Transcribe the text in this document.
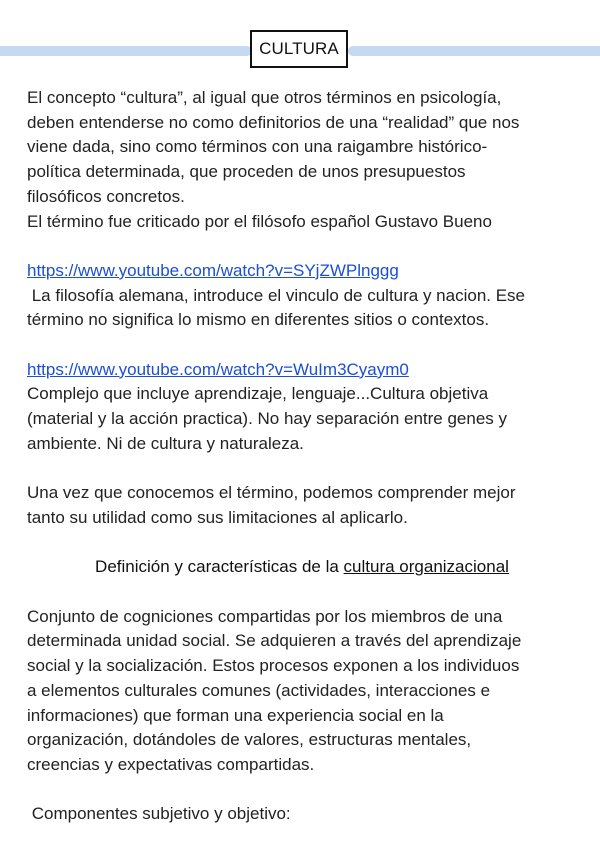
CULTURA
El concepto “cultura”, al igual que otros términos en psicología,
deben entenderse no como definitorios de una “realidad” que nos
viene dada, sino como términos con una raigambre histórico-
política determinada, que proceden de unos presupuestos
filosóficos concretos.
El término fue criticado por el filósofo español Gustavo Bueno
https://www.youtube.com/watch?v=SYjZWPlnggg
La filosofía alemana, introduce el vinculo de cultura y nacion. Ese
término no significa lo mismo en diferentes sitios o contextos.
https://www.youtube.com/watch?v=WuIm3Cyaym0
Complejo que incluye aprendizaje, lenguaje...Cultura objetiva
(material y la acción practica). No hay separación entre genes y
ambiente. Ni de cultura y naturaleza.
Una vez que conocemos el término, podemos comprender mejor
tanto su utilidad como sus limitaciones al aplicarlo.
Definición y características de la cultura organizacional
Conjunto de cogniciones compartidas por los miembros de una
determinada unidad social. Se adquieren a través del aprendizaje
social y la socialización. Estos procesos exponen a los individuos
a elementos culturales comunes (actividades, interacciones e
informaciones) que forman una experiencia social en la
organización, dotándoles de valores, estructuras mentales,
creencias y expectativas compartidas.
Componentes subjetivo y objetivo:
